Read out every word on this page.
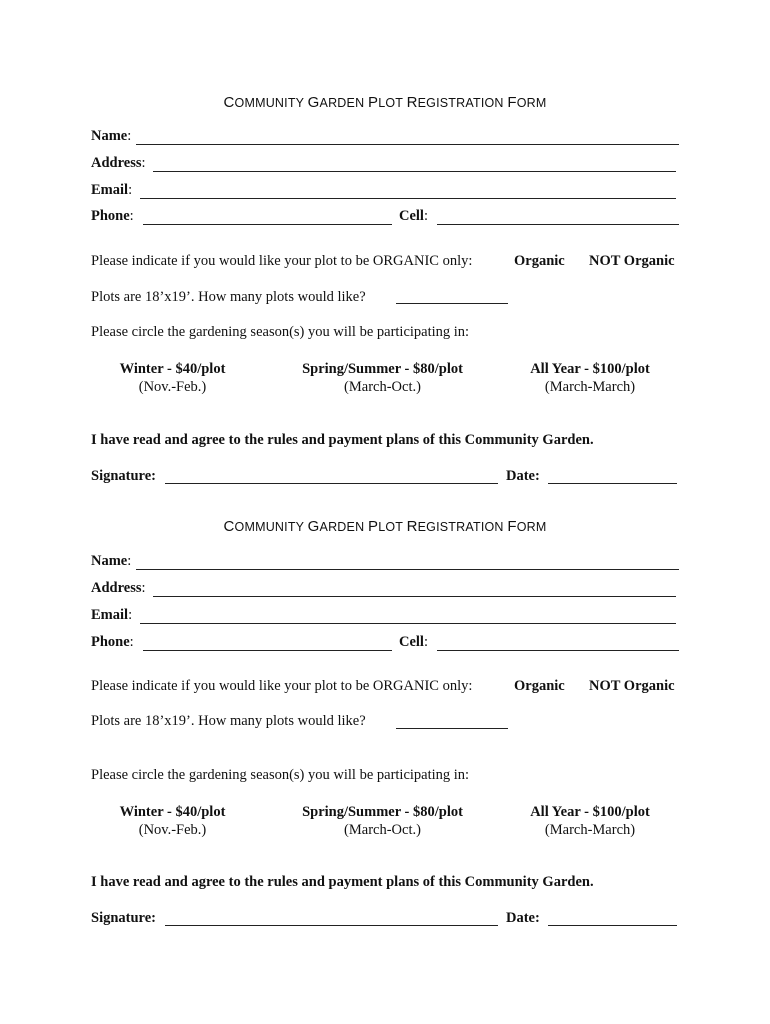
COMMUNITY GARDEN PLOT REGISTRATION FORM
Name:
Address:
Email:
Phone:	Cell:
Please indicate if you would like your plot to be ORGANIC only:	Organic NOT Organic
Plots are 18’x19’. How many plots would like?
Please circle the gardening season(s) you will be participating in:
Winter - $40/plot
(Nov.-Feb.)
Spring/Summer - $80/plot
(March-Oct.)
All Year - $100/plot
(March-March)
I have read and agree to the rules and payment plans of this Community Garden.
Signature:	Date:
COMMUNITY GARDEN PLOT REGISTRATION FORM
Name:
Address:
Email:
Phone:	Cell:
Please indicate if you would like your plot to be ORGANIC only:	Organic NOT Organic
Plots are 18’x19’. How many plots would like?
Please circle the gardening season(s) you will be participating in:
Winter - $40/plot
(Nov.-Feb.)
Spring/Summer - $80/plot
(March-Oct.)
All Year - $100/plot
(March-March)
I have read and agree to the rules and payment plans of this Community Garden.
Signature:	Date:
